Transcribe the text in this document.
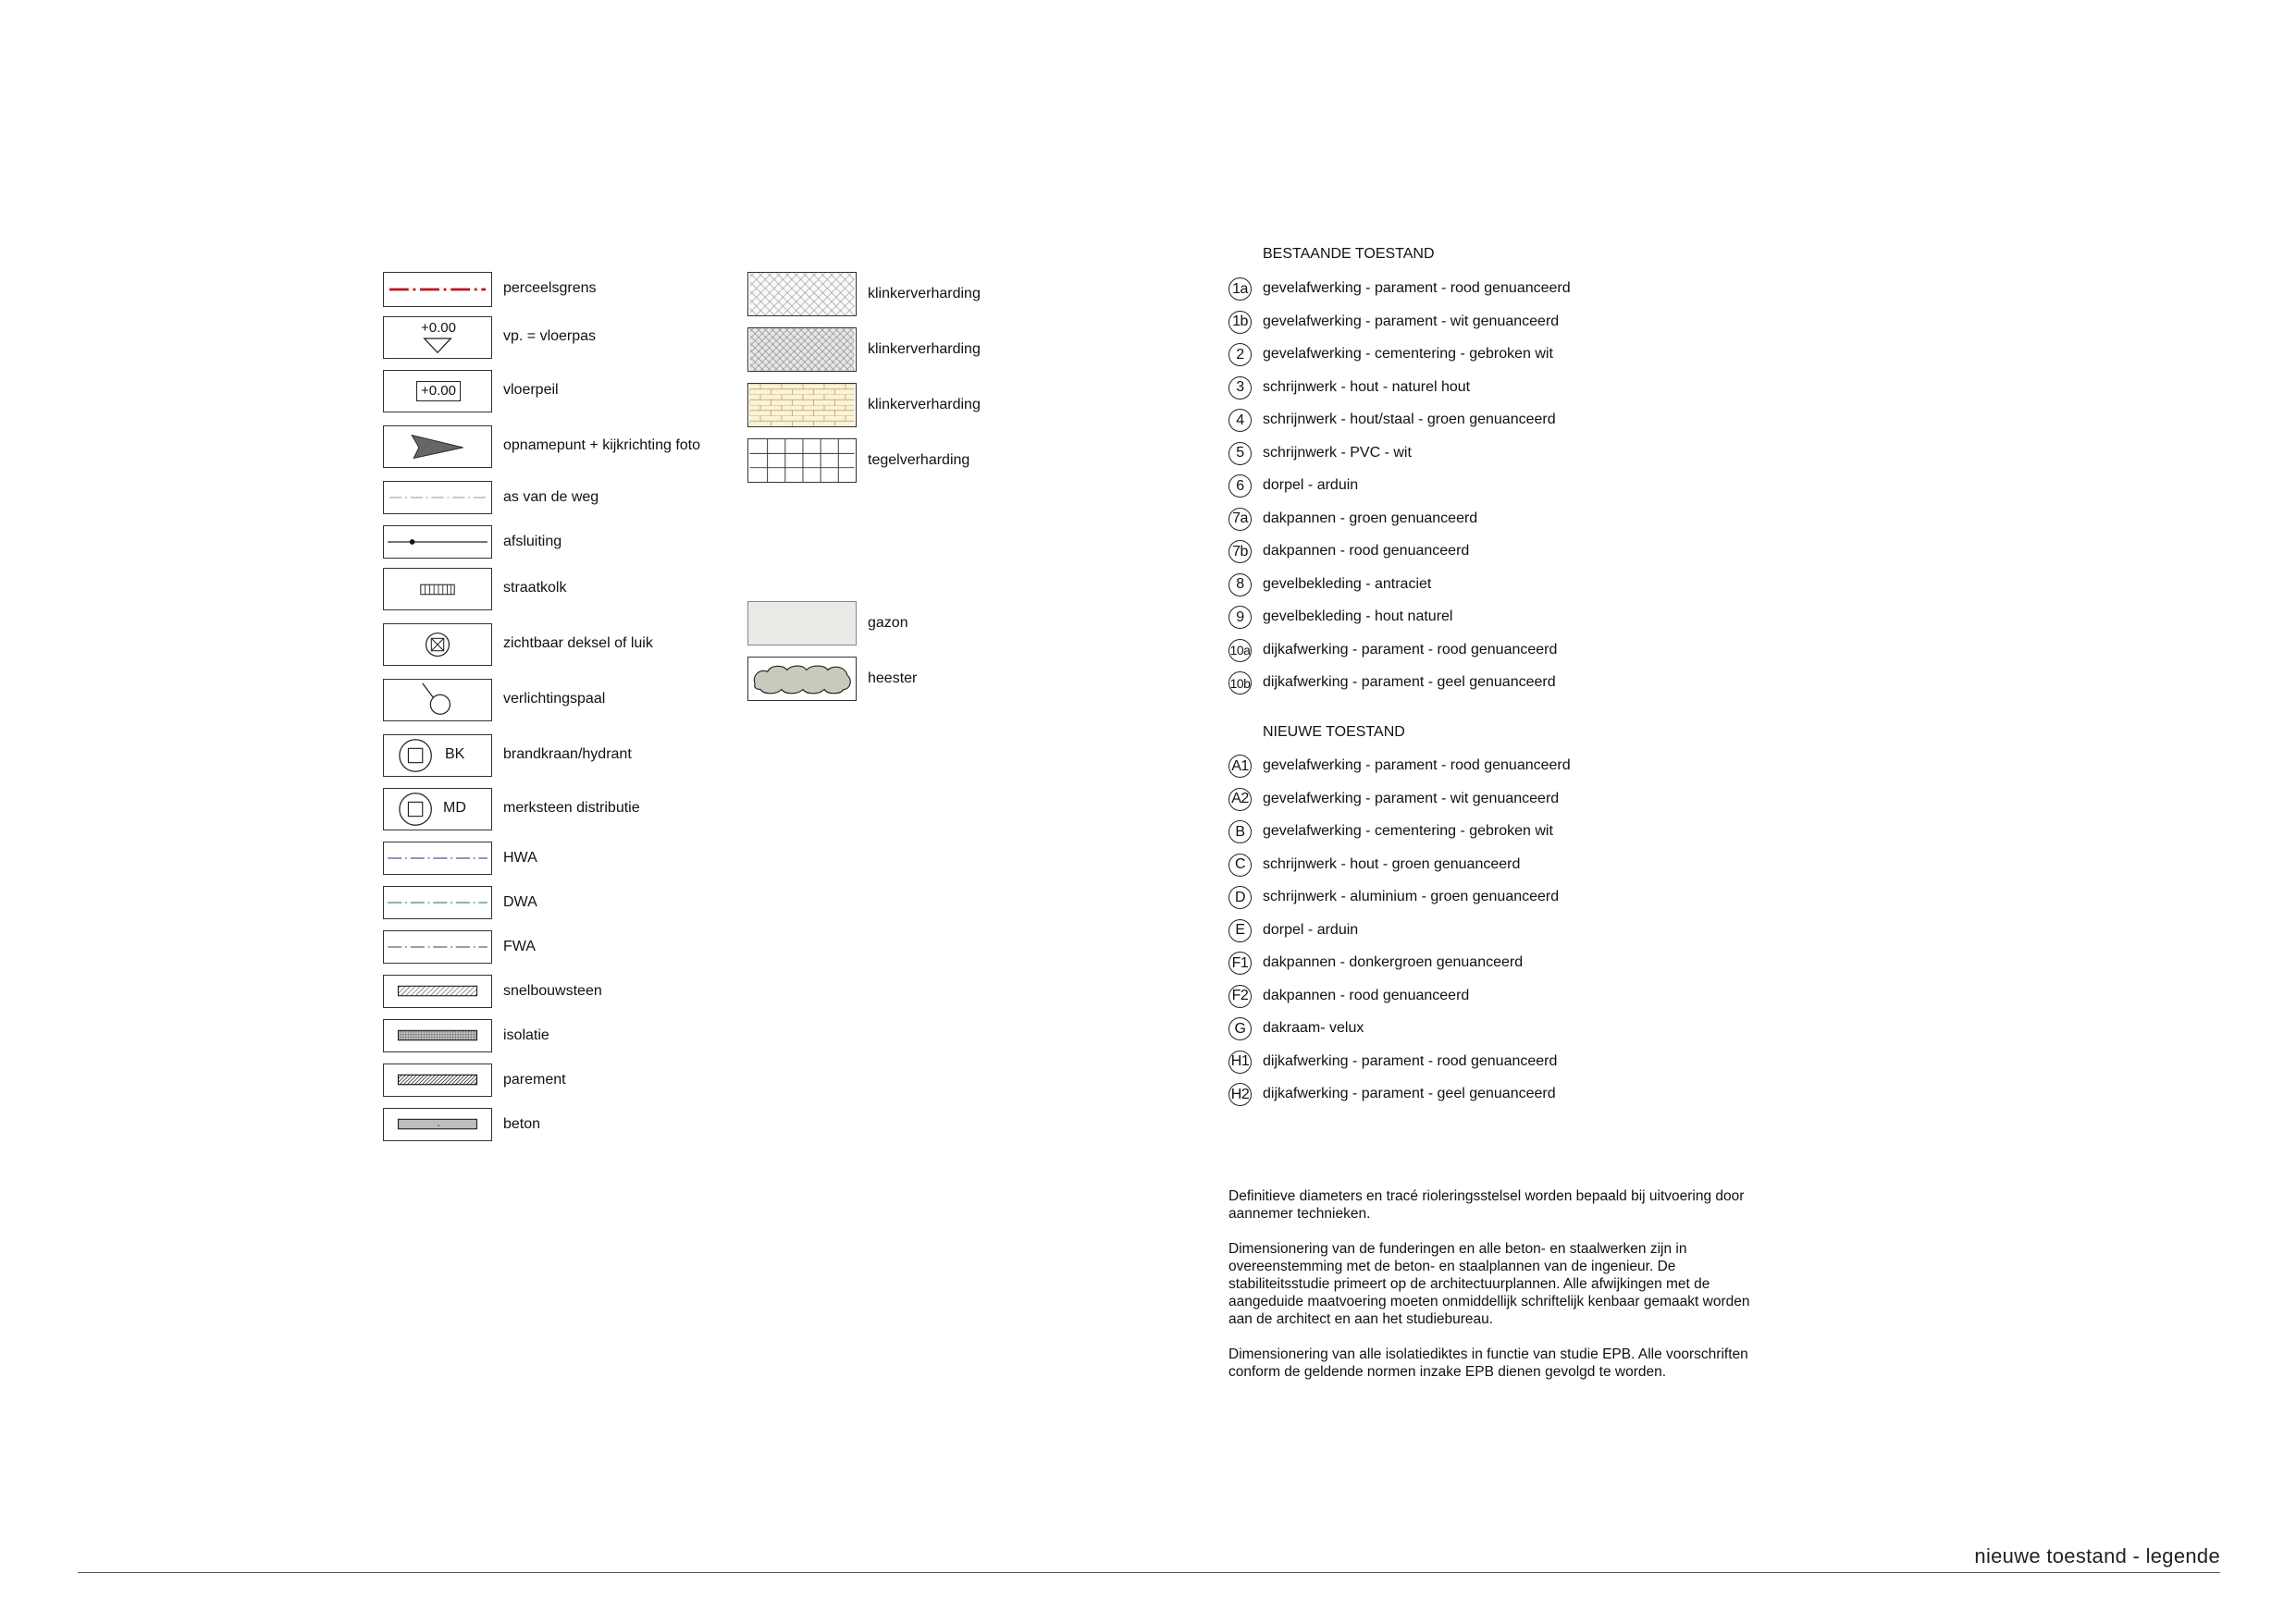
perceelsgrens
+0.00
vp. = vloerpas
+0.00	vloerpeil
opnamepunt + kijkrichting foto
as van de weg
afsluiting
straatkolk
zichtbaar deksel of luik
verlichtingspaal
BK	brandkraan/hydrant
MD	merksteen distributie
HWA
DWA
FWA
snelbouwsteen
isolatie
parement
beton
klinkerverharding
klinkerverharding
klinkerverharding
tegelverharding
gazon
heester
BESTAANDE TOESTAND
1a gevelafwerking - parament - rood genuanceerd
1b gevelafwerking - parament - wit genuanceerd
2	gevelafwerking - cementering - gebroken wit
3	schrijnwerk - hout - naturel hout
4	schrijnwerk - hout/staal - groen genuanceerd
5	schrijnwerk - PVC - wit
6	dorpel - arduin
7a dakpannen - groen genuanceerd
7b dakpannen - rood genuanceerd
8	gevelbekleding - antraciet
9	gevelbekleding - hout naturel
10a dijkafwerking - parament - rood genuanceerd
10b dijkafwerking - parament - geel genuanceerd
NIEUWE TOESTAND
A1 gevelafwerking - parament - rood genuanceerd
A2 gevelafwerking - parament - wit genuanceerd
B	gevelafwerking - cementering - gebroken wit
C	schrijnwerk - hout - groen genuanceerd
D	schrijnwerk - aluminium - groen genuanceerd
E	dorpel - arduin
F1 dakpannen - donkergroen genuanceerd
F2 dakpannen - rood genuanceerd
G	dakraam- velux
H1 dijkafwerking - parament - rood genuanceerd
H2 dijkafwerking - parament - geel genuanceerd

Definitieve diameters en tracé rioleringsstelsel worden bepaald bij uitvoering door aannemer technieken.

Dimensionering van de funderingen en alle beton- en staalwerken zijn in overeenstemming met de beton- en staalplannen van de ingenieur. De stabiliteitsstudie primeert op de architectuurplannen. Alle afwijkingen met de aangeduide maatvoering moeten onmiddellijk schriftelijk kenbaar gemaakt worden aan de architect en aan het studiebureau.

Dimensionering van alle isolatiediktes in functie van studie EPB. Alle voorschriften conform de geldende normen inzake EPB dienen gevolgd te worden.

nieuwe toestand - legende
